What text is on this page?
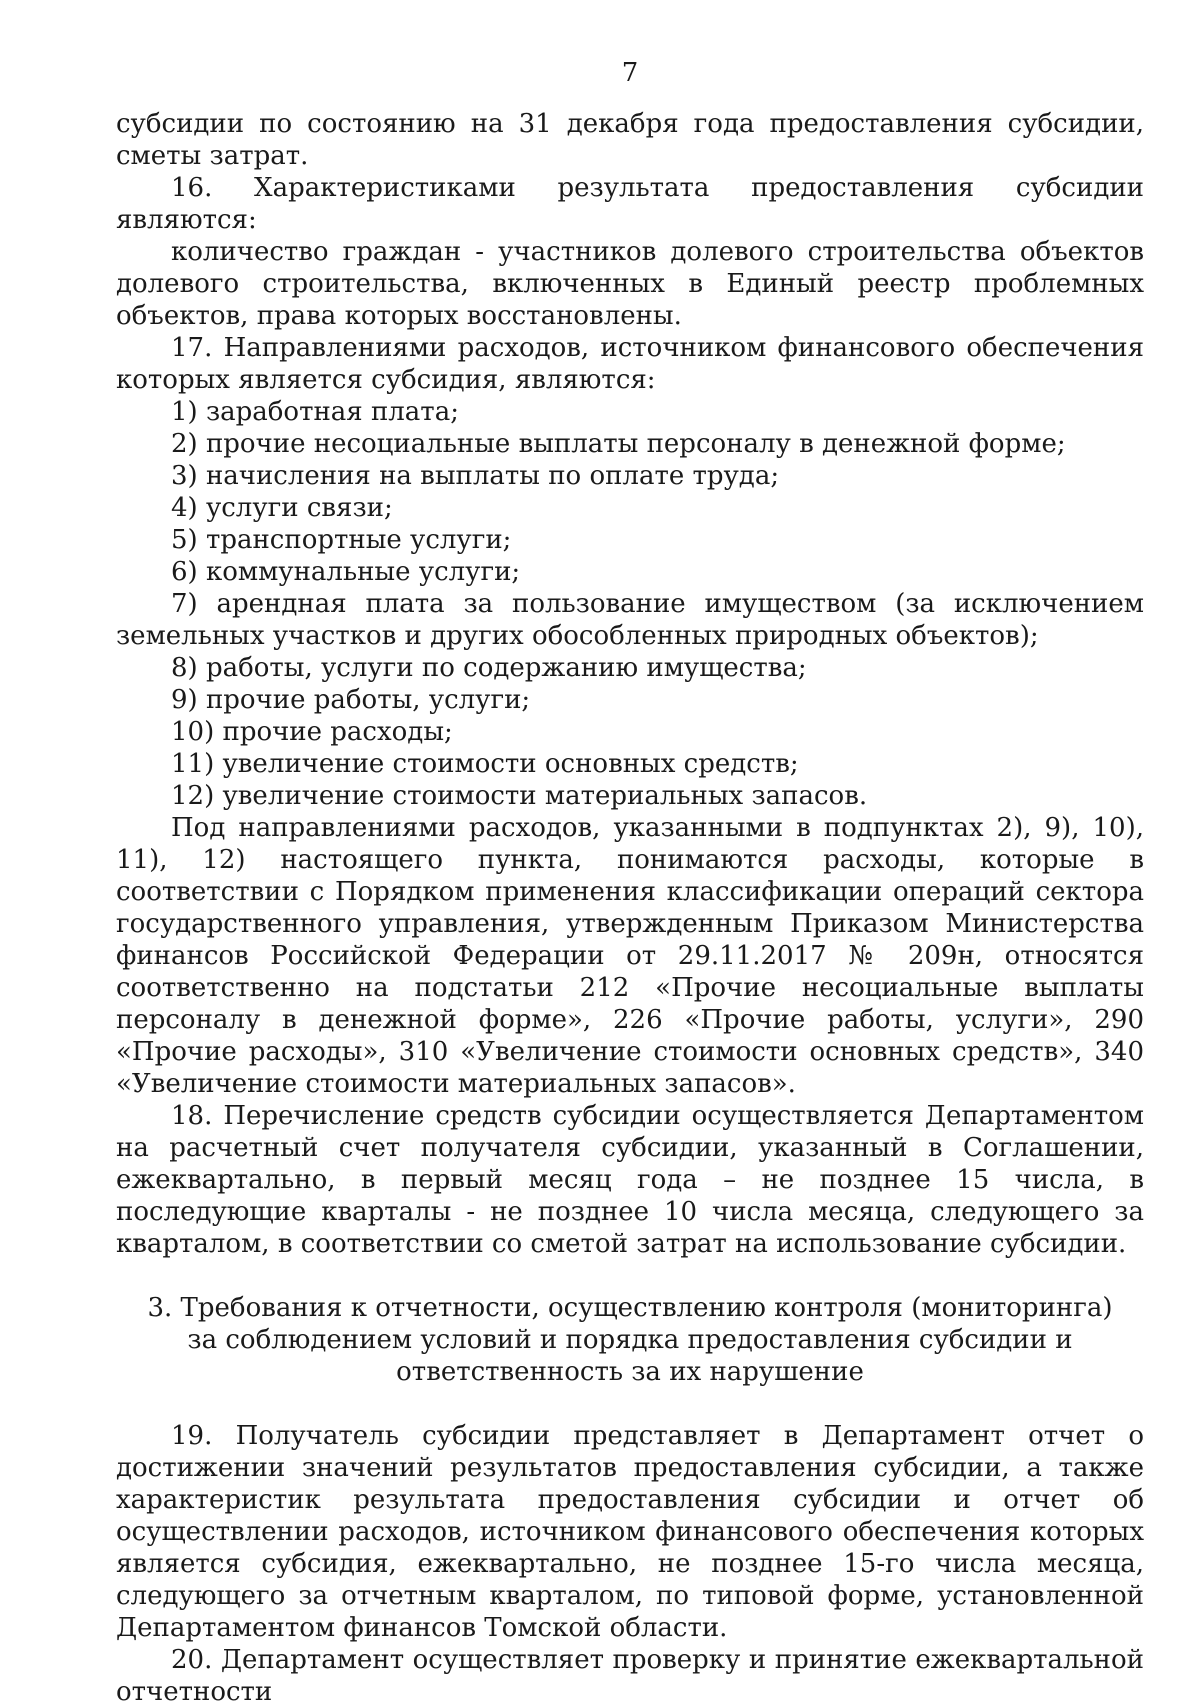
7

субсидии по состоянию на 31 декабря года предоставления субсидии, сметы затрат.

16. Характеристиками результата предоставления субсидии являются:

количество граждан - участников долевого строительства объектов долевого строительства, включенных в Единый реестр проблемных объектов, права которых восстановлены.

17. Направлениями расходов, источником финансового обеспечения которых является субсидия, являются:

1) заработная плата;

2) прочие несоциальные выплаты персоналу в денежной форме;

3) начисления на выплаты по оплате труда;

4) услуги связи;

5) транспортные услуги;

6) коммунальные услуги;

7) арендная плата за пользование имуществом (за исключением земельных участков и других обособленных природных объектов);

8) работы, услуги по содержанию имущества;

9) прочие работы, услуги;

10) прочие расходы;

11) увеличение стоимости основных средств;

12) увеличение стоимости материальных запасов.

Под направлениями расходов, указанными в подпунктах 2), 9), 10), 11), 12) настоящего пункта, понимаются расходы, которые в соответствии с Порядком применения классификации операций сектора государственного управления, утвержденным Приказом Министерства финансов Российской Федерации от 29.11.2017 № 209н, относятся соответственно на подстатьи 212 «Прочие несоциальные выплаты персоналу в денежной форме», 226 «Прочие работы, услуги», 290 «Прочие расходы», 310 «Увеличение стоимости основных средств», 340 «Увеличение стоимости материальных запасов».

18. Перечисление средств субсидии осуществляется Департаментом на расчетный счет получателя субсидии, указанный в Соглашении, ежеквартально, в первый месяц года – не позднее 15 числа, в последующие кварталы - не позднее 10 числа месяца, следующего за кварталом, в соответствии со сметой затрат на использование субсидии.

3. Требования к отчетности, осуществлению контроля (мониторинга) за соблюдением условий и порядка предоставления субсидии и ответственность за их нарушение

19. Получатель субсидии представляет в Департамент отчет о достижении значений результатов предоставления субсидии, а также характеристик результата предоставления субсидии и отчет об осуществлении расходов, источником финансового обеспечения которых является субсидия, ежеквартально, не позднее 15-го числа месяца, следующего за отчетным кварталом, по типовой форме, установленной Департаментом финансов Томской области.

20. Департамент осуществляет проверку и принятие ежеквартальной отчетности
